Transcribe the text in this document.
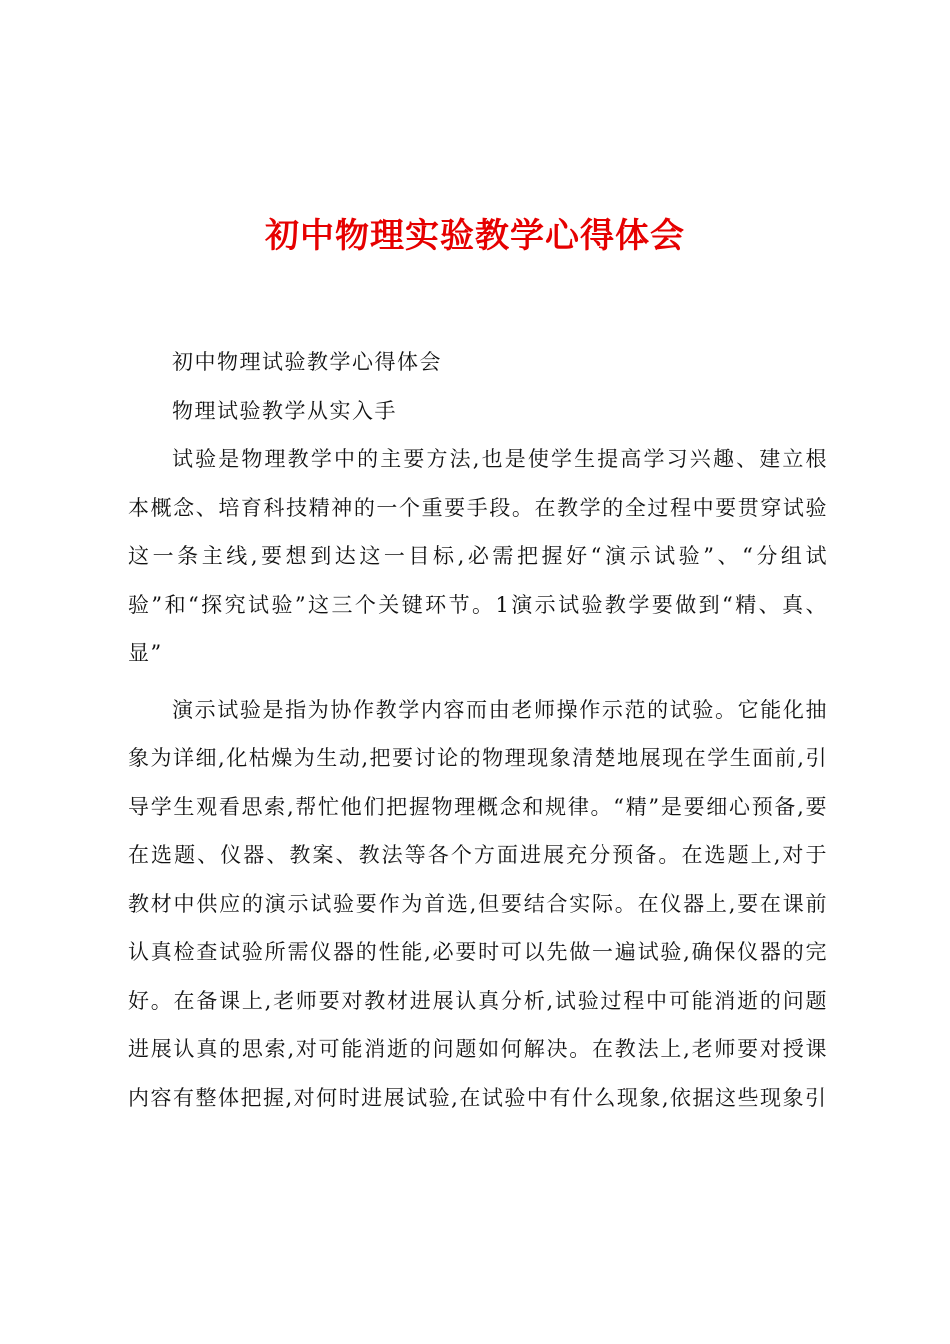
初中物理实验教学心得体会

初中物理试验教学心得体会

物理试验教学从实入手

试验是物理教学中的主要方法,也是使学生提高学习兴趣、建立根本概念、培育科技精神的一个重要手段。在教学的全过程中要贯穿试验这一条主线,要想到达这一目标,必需把握好“演示试验”、“分组试验”和“探究试验”这三个关键环节。1演示试验教学要做到“精、真、显”

演示试验是指为协作教学内容而由老师操作示范的试验。它能化抽象为详细,化枯燥为生动,把要讨论的物理现象清楚地展现在学生面前,引导学生观看思索,帮忙他们把握物理概念和规律。“精”是要细心预备,要在选题、仪器、教案、教法等各个方面进展充分预备。在选题上,对于教材中供应的演示试验要作为首选,但要结合实际。在仪器上,要在课前认真检查试验所需仪器的性能,必要时可以先做一遍试验,确保仪器的完好。在备课上,老师要对教材进展认真分析,试验过程中可能消逝的问题进展认真的思索,对可能消逝的问题如何解决。在教法上,老师要对授课内容有整体把握,对何时进展试验,在试验中有什么现象,依据这些现象引
